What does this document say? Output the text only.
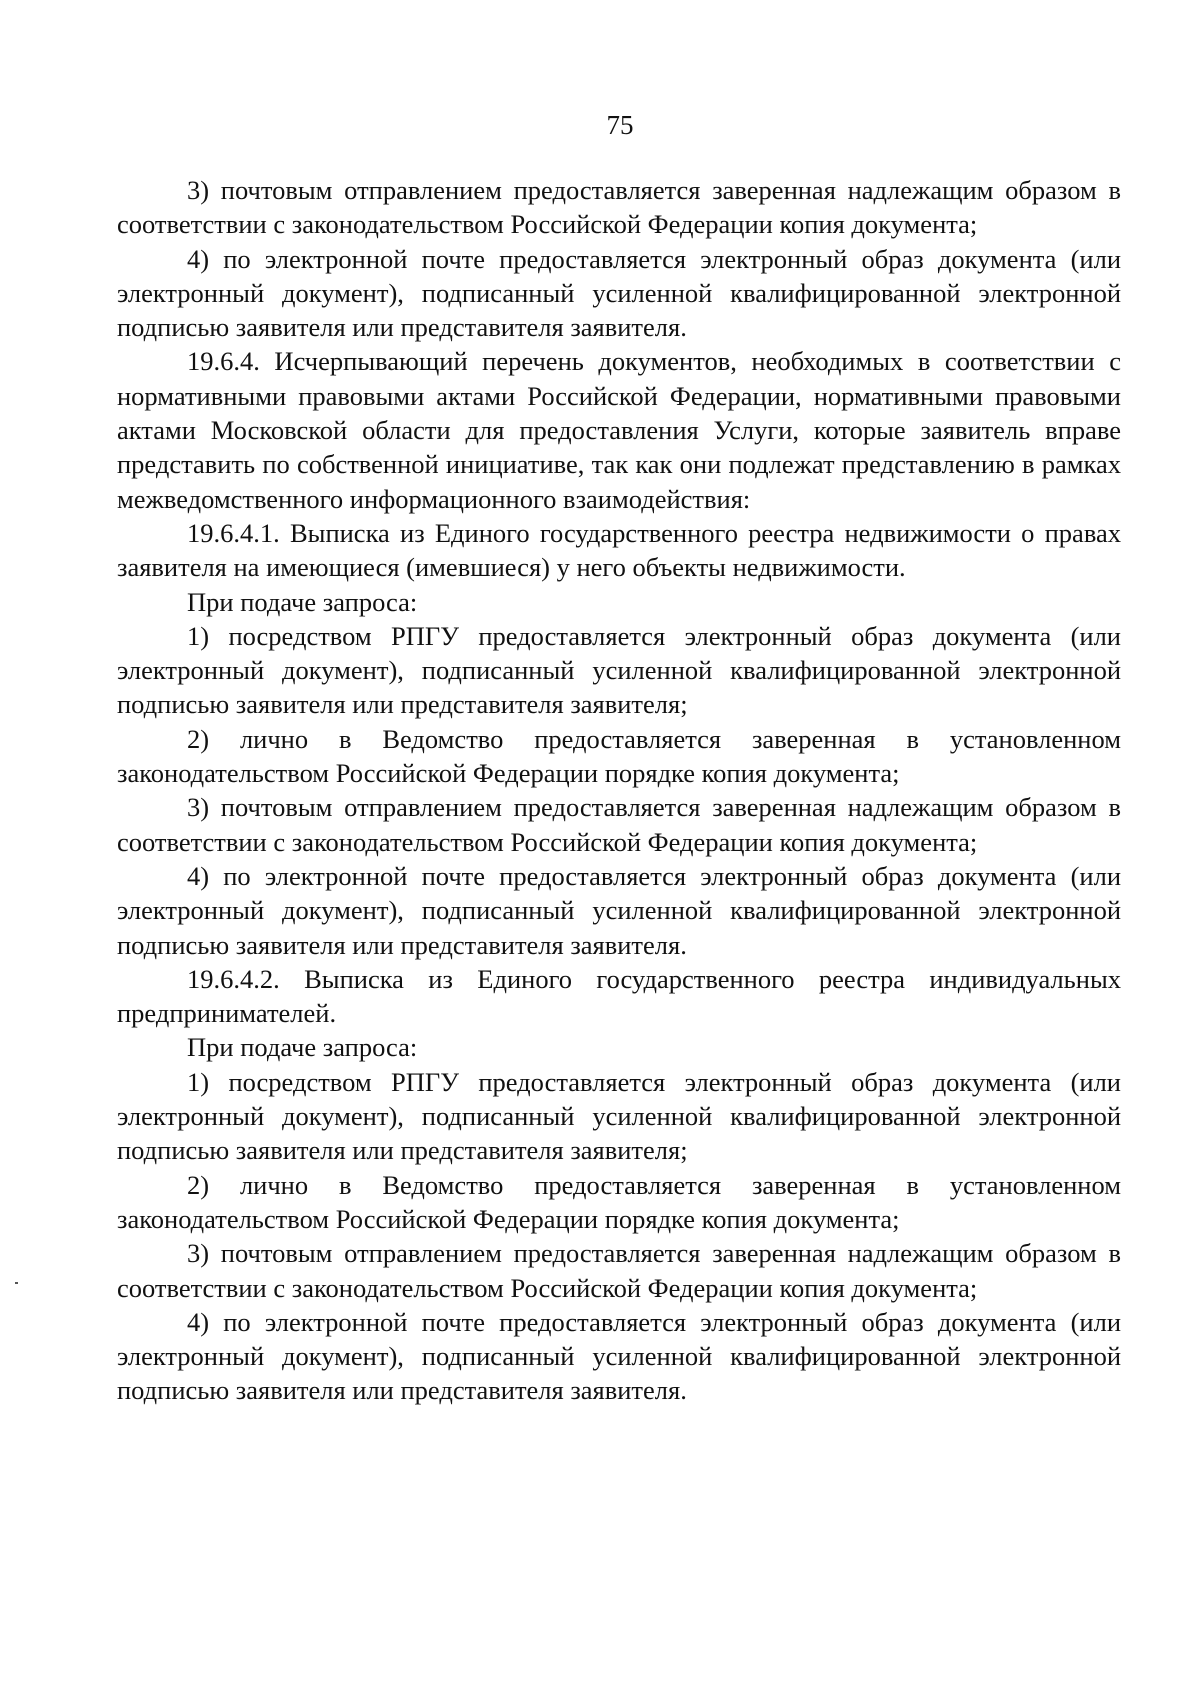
75

3) почтовым отправлением предоставляется заверенная надлежащим образом в соответствии с законодательством Российской Федерации копия документа;

4) по электронной почте предоставляется электронный образ документа (или электронный документ), подписанный усиленной квалифицированной электронной подписью заявителя или представителя заявителя.

19.6.4. Исчерпывающий перечень документов, необходимых в соответствии с нормативными правовыми актами Российской Федерации, нормативными правовыми актами Московской области для предоставления Услуги, которые заявитель вправе представить по собственной инициативе, так как они подлежат представлению в рамках межведомственного информационного взаимодействия:

19.6.4.1. Выписка из Единого государственного реестра недвижимости о правах заявителя на имеющиеся (имевшиеся) у него объекты недвижимости.

При подаче запроса:

1) посредством РПГУ предоставляется электронный образ документа (или электронный документ), подписанный усиленной квалифицированной электронной подписью заявителя или представителя заявителя;

2) лично в Ведомство предоставляется заверенная в установленном законодательством Российской Федерации порядке копия документа;

3) почтовым отправлением предоставляется заверенная надлежащим образом в соответствии с законодательством Российской Федерации копия документа;

4) по электронной почте предоставляется электронный образ документа (или электронный документ), подписанный усиленной квалифицированной электронной подписью заявителя или представителя заявителя.

19.6.4.2. Выписка из Единого государственного реестра индивидуальных предпринимателей.

При подаче запроса:

1) посредством РПГУ предоставляется электронный образ документа (или электронный документ), подписанный усиленной квалифицированной электронной подписью заявителя или представителя заявителя;

2) лично в Ведомство предоставляется заверенная в установленном законодательством Российской Федерации порядке копия документа;

3) почтовым отправлением предоставляется заверенная надлежащим образом в соответствии с законодательством Российской Федерации копия документа;

4) по электронной почте предоставляется электронный образ документа (или электронный документ), подписанный усиленной квалифицированной электронной подписью заявителя или представителя заявителя.
